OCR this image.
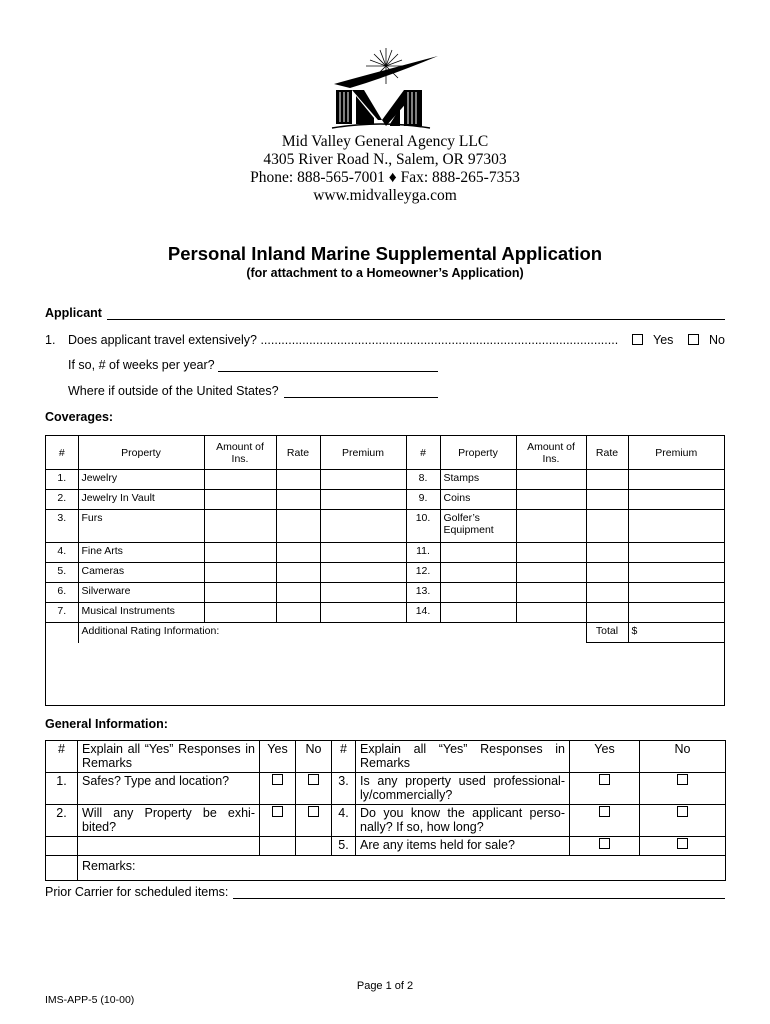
Mid Valley General Agency LLC
4305 River Road N., Salem, OR 97303
Phone: 888-565-7001 ♦ Fax: 888-265-7353
www.midvalleyga.com
Personal Inland Marine Supplemental Application
(for attachment to a Homeowner’s Application)
Applicant
1. Does applicant travel extensively? .......................................................................................................	Yes	No
If so, # of weeks per year?
Where if outside of the United States?
Coverages:
#	Property	Amount of Ins.	Rate	Premium	#	Property	Amount of Ins.	Rate	Premium
1.	Jewelry				8.	Stamps			
2.	Jewelry In Vault				9.	Coins			
3.	Furs				10.	Golfer’s Equipment			
4.	Fine Arts				11.				
5.	Cameras				12.				
6.	Silverware				13.				
7.	Musical Instruments				14.				
	Additional Rating Information:							Total	$
General Information:
#	Explain all “Yes” Responses in Remarks	Yes	No	#	Explain all “Yes” Responses in Remarks	Yes	No
1.	Safes? Type and location?			3.	Is any property used professional-ly/commercially?		
2.	Will any Property be exhi-bited?			4.	Do you know the applicant perso-nally? If so, how long?		
				5.	Are any items held for sale?		
	Remarks:						
Prior Carrier for scheduled items:
Page 1 of 2
IMS-APP-5 (10-00)
